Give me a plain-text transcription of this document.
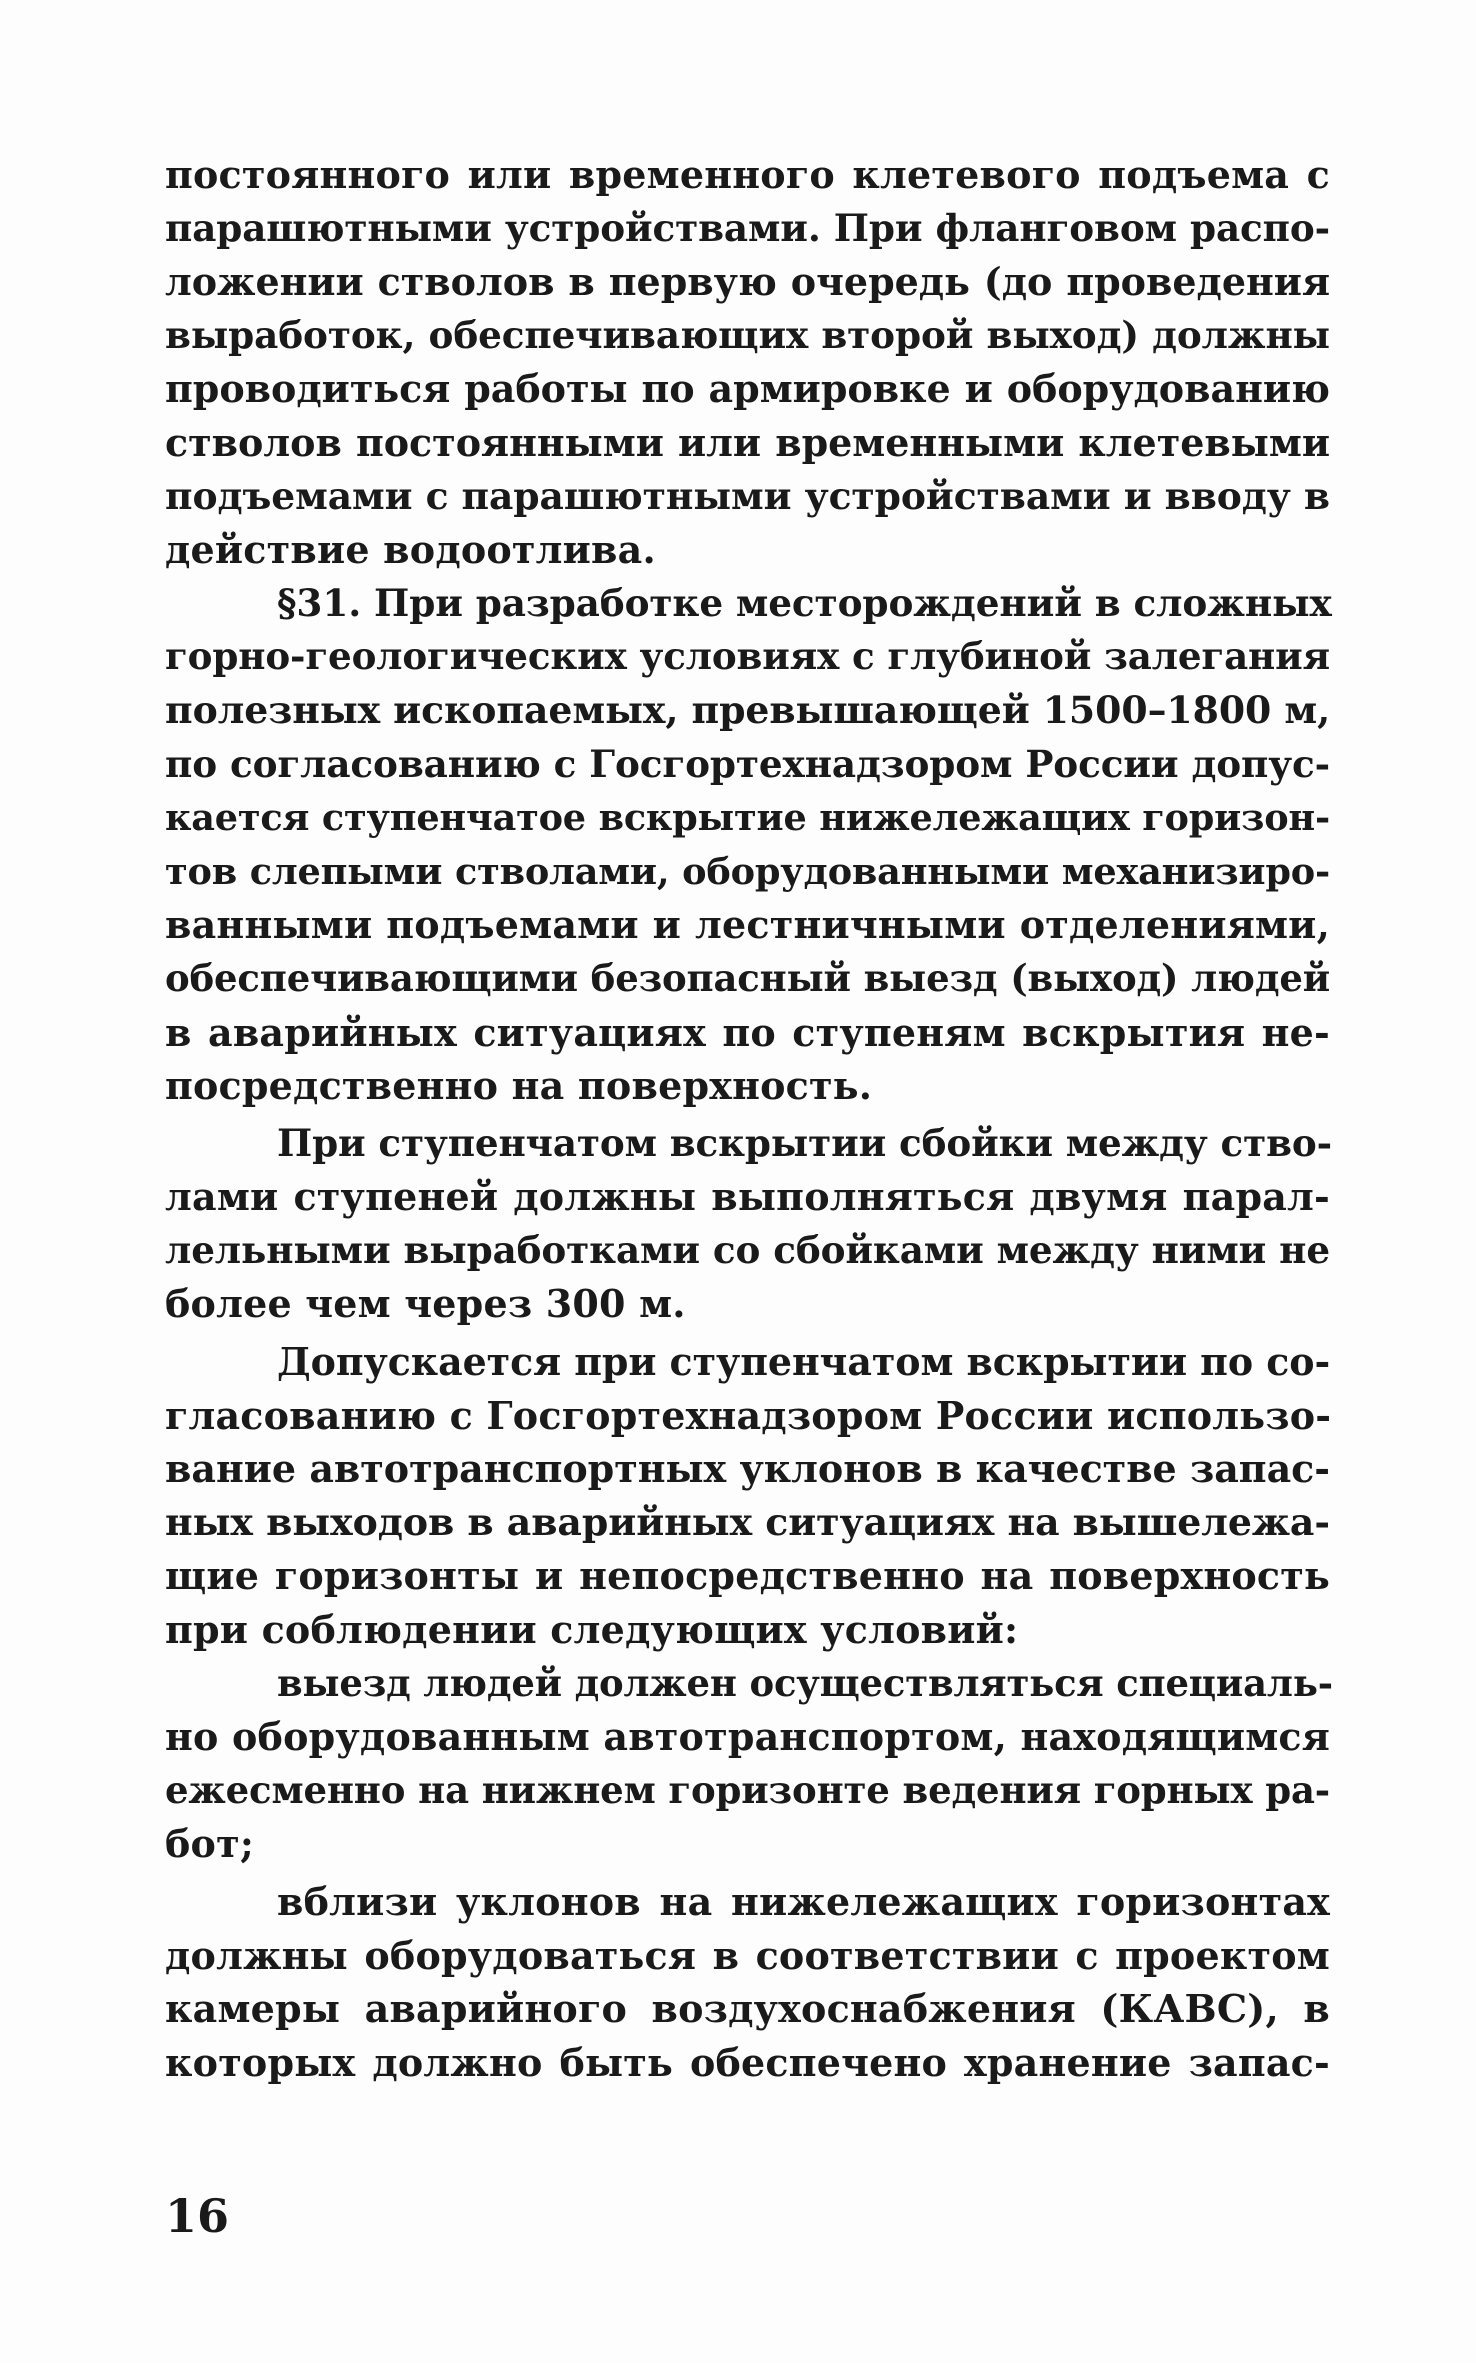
постоянного или временного клетевого подъема с
парашютными устройствами. При фланговом распо-
ложении стволов в первую очередь (до проведения
выработок, обеспечивающих второй выход) должны
проводиться работы по армировке и оборудованию
стволов постоянными или временными клетевыми
подъемами с парашютными устройствами и вводу в
действие водоотлива.
§31. При разработке месторождений в сложных
горно-геологических условиях с глубиной залегания
полезных ископаемых, превышающей 1500–1800 м,
по согласованию с Госгортехнадзором России допус-
кается ступенчатое вскрытие нижележащих горизон-
тов слепыми стволами, оборудованными механизиро-
ванными подъемами и лестничными отделениями,
обеспечивающими безопасный выезд (выход) людей
в аварийных ситуациях по ступеням вскрытия не-
посредственно на поверхность.
При ступенчатом вскрытии сбойки между ство-
лами ступеней должны выполняться двумя парал-
лельными выработками со сбойками между ними не
более чем через 300 м.
Допускается при ступенчатом вскрытии по со-
гласованию с Госгортехнадзором России использо-
вание автотранспортных уклонов в качестве запас-
ных выходов в аварийных ситуациях на вышележа-
щие горизонты и непосредственно на поверхность
при соблюдении следующих условий:
выезд людей должен осуществляться специаль-
но оборудованным автотранспортом, находящимся
ежесменно на нижнем горизонте ведения горных ра-
бот;
вблизи уклонов на нижележащих горизонтах
должны оборудоваться в соответствии с проектом
камеры аварийного воздухоснабжения (КАВС), в
которых должно быть обеспечено хранение запас-
16
